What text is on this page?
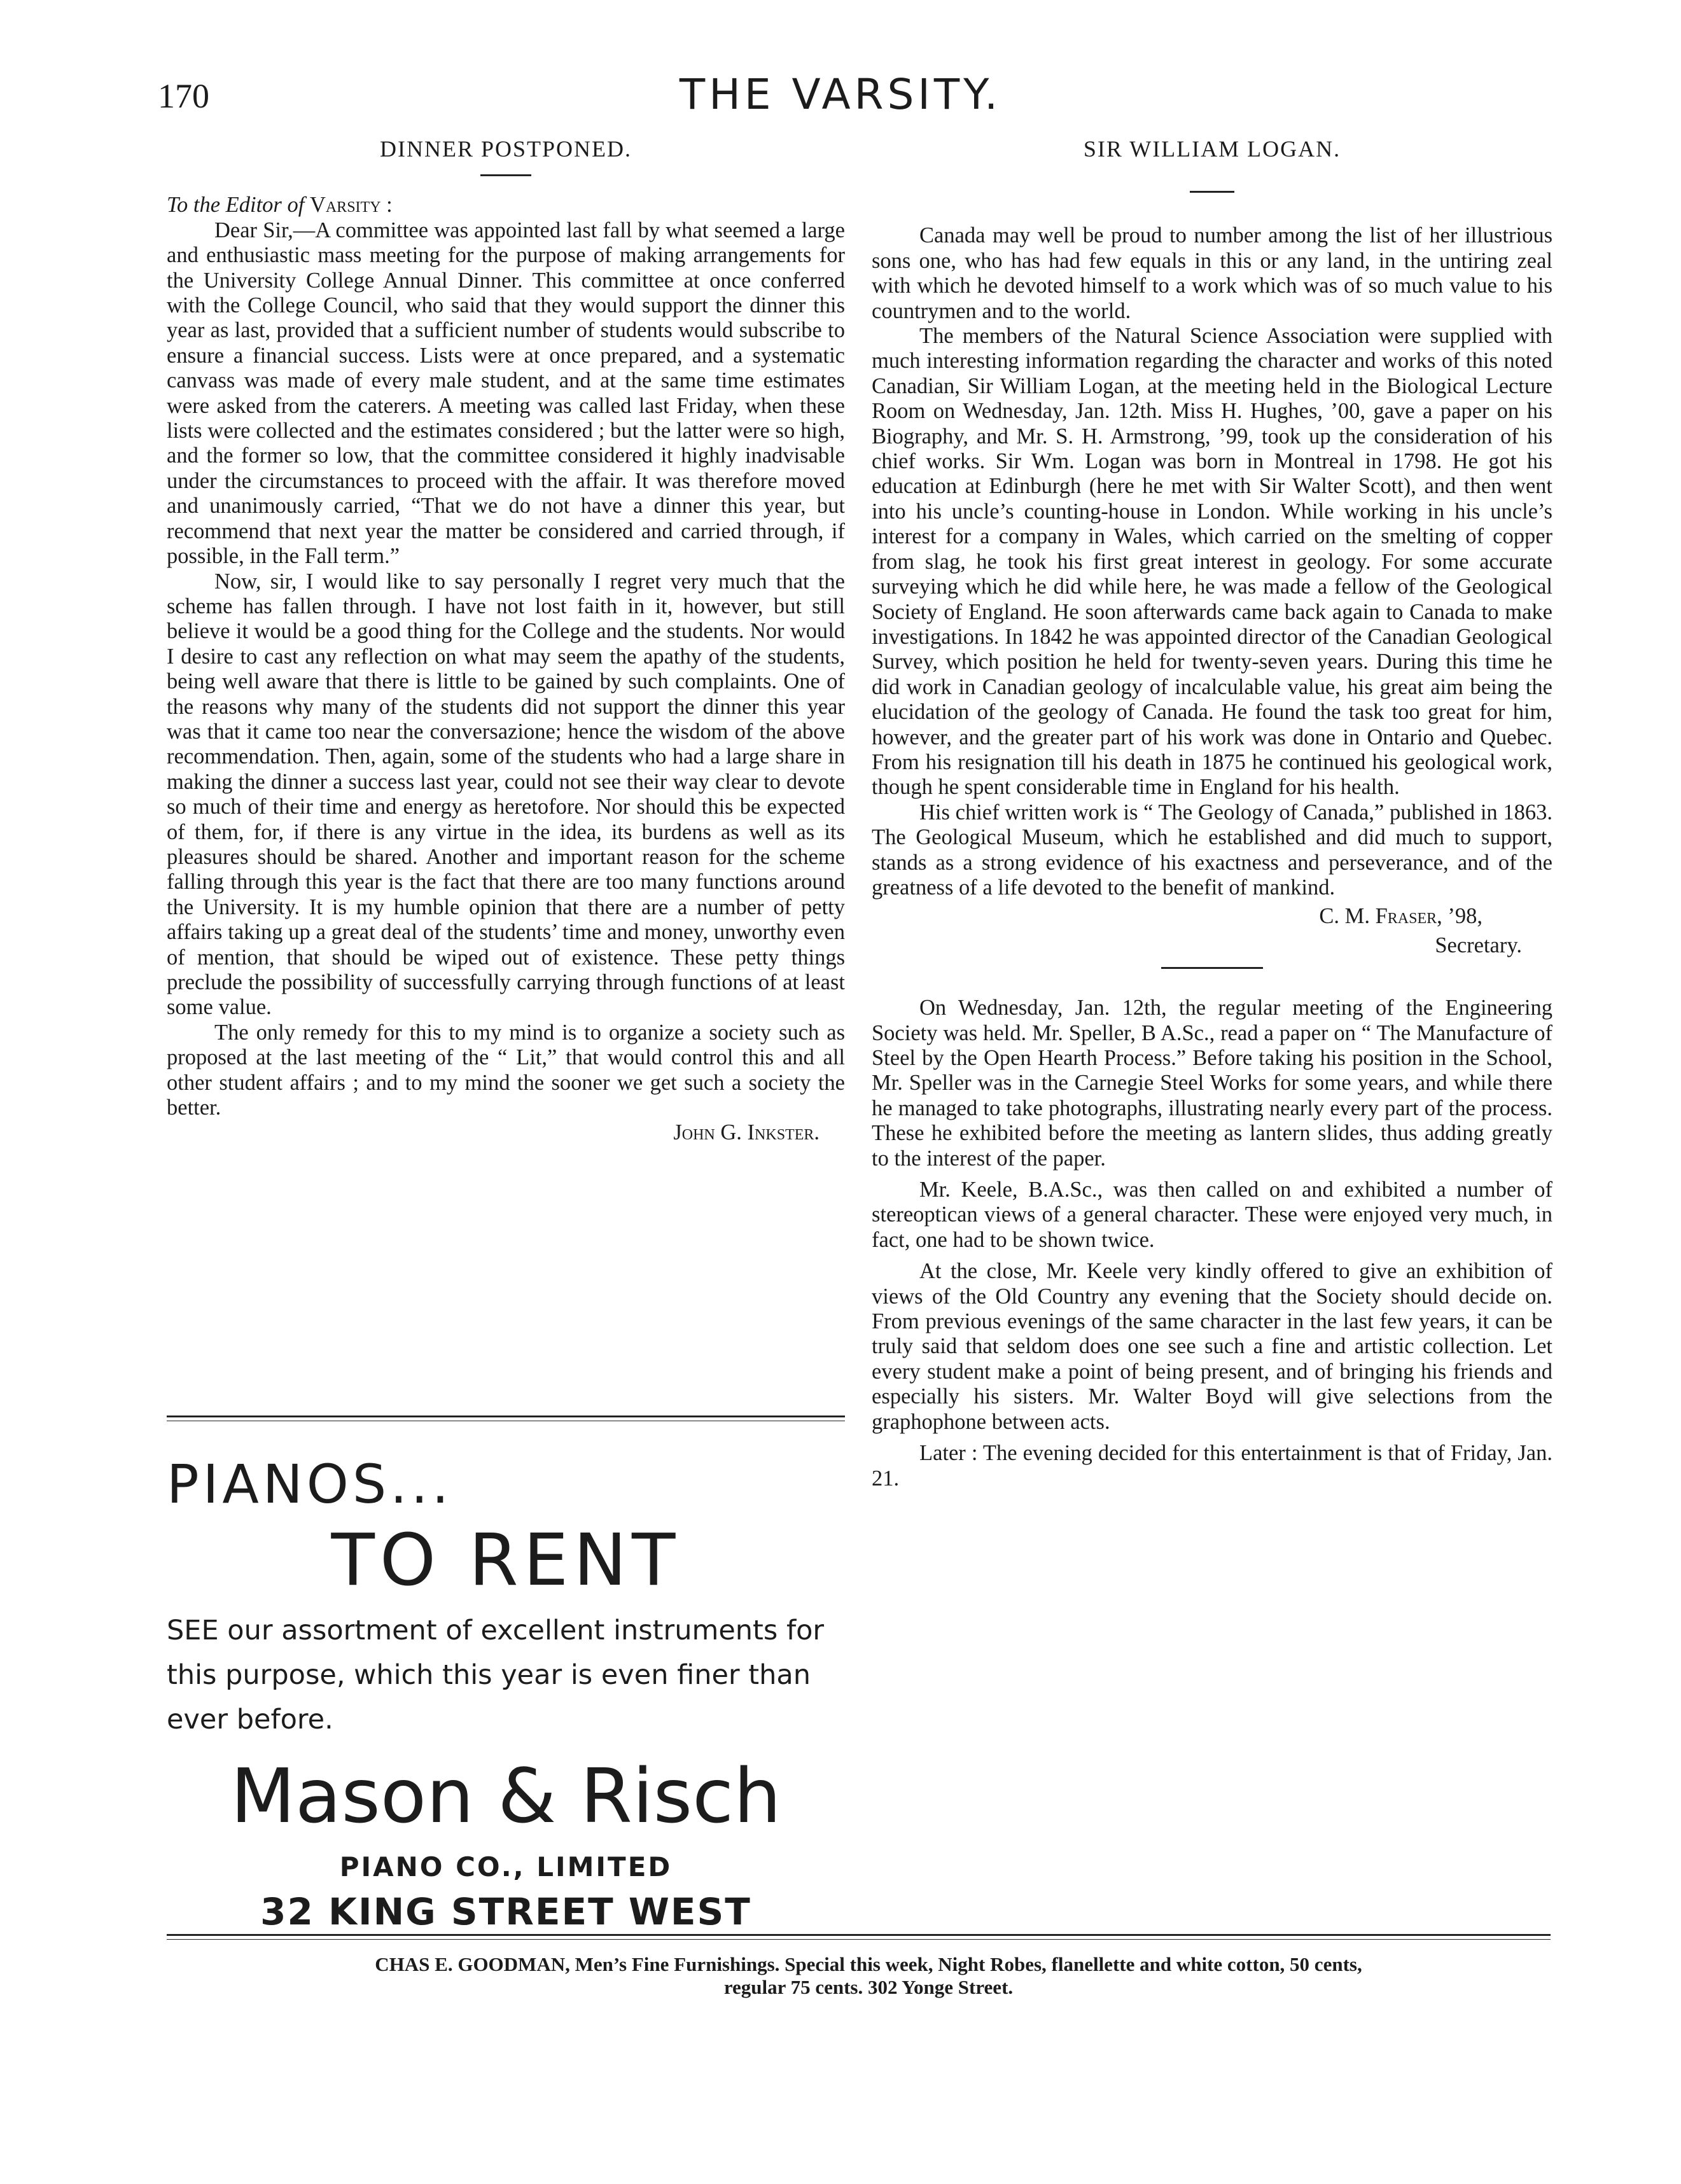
170	THE VARSITY.

DINNER POSTPONED.

To the Editor of Varsity :

Dear Sir,—A committee was appointed last fall by what seemed a large and enthusiastic mass meeting for the purpose of making arrangements for the University College Annual Dinner. This committee at once conferred with the College Council, who said that they would support the dinner this year as last, provided that a sufficient number of students would subscribe to ensure a financial success. Lists were at once prepared, and a systematic canvass was made of every male student, and at the same time estimates were asked from the caterers. A meeting was called last Friday, when these lists were collected and the estimates considered ; but the latter were so high, and the former so low, that the committee considered it highly inadvisable under the circumstances to proceed with the affair. It was therefore moved and unanimously carried, “That we do not have a dinner this year, but recommend that next year the matter be considered and carried through, if possible, in the Fall term.”

Now, sir, I would like to say personally I regret very much that the scheme has fallen through. I have not lost faith in it, however, but still believe it would be a good thing for the College and the students. Nor would I desire to cast any reflection on what may seem the apathy of the students, being well aware that there is little to be gained by such complaints. One of the reasons why many of the students did not support the dinner this year was that it came too near the conversazione; hence the wisdom of the above recommendation. Then, again, some of the students who had a large share in making the dinner a success last year, could not see their way clear to devote so much of their time and energy as heretofore. Nor should this be expected of them, for, if there is any virtue in the idea, its burdens as well as its pleasures should be shared. Another and important reason for the scheme falling through this year is the fact that there are too many functions around the University. It is my humble opinion that there are a number of petty affairs taking up a great deal of the students’ time and money, unworthy even of mention, that should be wiped out of existence. These petty things preclude the possibility of successfully carrying through functions of at least some value.

The only remedy for this to my mind is to organize a society such as proposed at the last meeting of the “ Lit,” that would control this and all other student affairs ; and to my mind the sooner we get such a society the better.

John G. Inkster.

PIANOS...
TO RENT
SEE our assortment of excellent instruments for this purpose, which this year is even finer than ever before.
Mason & Risch
PIANO CO., LIMITED
32 KING STREET WEST

SIR WILLIAM LOGAN.

Canada may well be proud to number among the list of her illustrious sons one, who has had few equals in this or any land, in the untiring zeal with which he devoted himself to a work which was of so much value to his countrymen and to the world.

The members of the Natural Science Association were supplied with much interesting information regarding the character and works of this noted Canadian, Sir William Logan, at the meeting held in the Biological Lecture Room on Wednesday, Jan. 12th. Miss H. Hughes, ’00, gave a paper on his Biography, and Mr. S. H. Armstrong, ’99, took up the consideration of his chief works. Sir Wm. Logan was born in Montreal in 1798. He got his education at Edinburgh (here he met with Sir Walter Scott), and then went into his uncle’s counting-house in London. While working in his uncle’s interest for a company in Wales, which carried on the smelting of copper from slag, he took his first great interest in geology. For some accurate surveying which he did while here, he was made a fellow of the Geological Society of England. He soon afterwards came back again to Canada to make investigations. In 1842 he was appointed director of the Canadian Geological Survey, which position he held for twenty-seven years. During this time he did work in Canadian geology of incalculable value, his great aim being the elucidation of the geology of Canada. He found the task too great for him, however, and the greater part of his work was done in Ontario and Quebec. From his resignation till his death in 1875 he continued his geological work, though he spent considerable time in England for his health.

His chief written work is “ The Geology of Canada,” published in 1863. The Geological Museum, which he established and did much to support, stands as a strong evidence of his exactness and perseverance, and of the greatness of a life devoted to the benefit of mankind.

C. M. Fraser, ’98,

Secretary.

On Wednesday, Jan. 12th, the regular meeting of the Engineering Society was held. Mr. Speller, B A.Sc., read a paper on “ The Manufacture of Steel by the Open Hearth Process.” Before taking his position in the School, Mr. Speller was in the Carnegie Steel Works for some years, and while there he managed to take photographs, illustrating nearly every part of the process. These he exhibited before the meeting as lantern slides, thus adding greatly to the interest of the paper.

Mr. Keele, B.A.Sc., was then called on and exhibited a number of stereoptican views of a general character. These were enjoyed very much, in fact, one had to be shown twice.

At the close, Mr. Keele very kindly offered to give an exhibition of views of the Old Country any evening that the Society should decide on. From previous evenings of the same character in the last few years, it can be truly said that seldom does one see such a fine and artistic collection. Let every student make a point of being present, and of bringing his friends and especially his sisters. Mr. Walter Boyd will give selections from the graphophone between acts.

Later : The evening decided for this entertainment is that of Friday, Jan. 21.

CHAS E. GOODMAN, Men’s Fine Furnishings. Special this week, Night Robes, flanellette and white cotton, 50 cents,
regular 75 cents. 302 Yonge Street.
